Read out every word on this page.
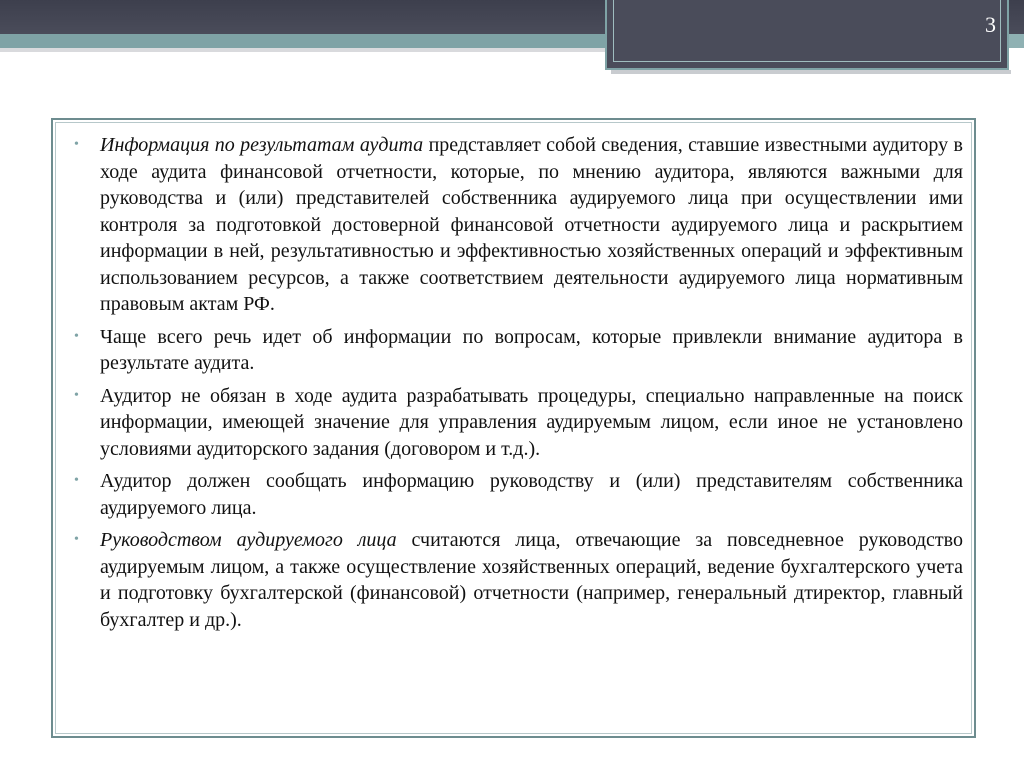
3
• Информация по результатам аудита представляет собой сведения, ставшие известными аудитору в ходе аудита финансовой отчетности, которые, по мнению аудитора, являются важными для руководства и (или) представителей собственника аудируемого лица при осуществлении ими контроля за подготовкой достоверной финансовой отчетности аудируемого лица и раскрытием информации в ней, результативностью и эффективностью хозяйственных операций и эффективным использованием ресурсов, а также соответствием деятельности аудируемого лица нормативным правовым актам РФ.
• Чаще всего речь идет об информации по вопросам, которые привлекли внимание аудитора в результате аудита.
• Аудитор не обязан в ходе аудита разрабатывать процедуры, специально направленные на поиск информации, имеющей значение для управления аудируемым лицом, если иное не установлено условиями аудиторского задания (договором и т.д.).
• Аудитор должен сообщать информацию руководству и (или) представителям собственника аудируемого лица.
• Руководством аудируемого лица считаются лица, отвечающие за повседневное руководство аудируемым лицом, а также осуществление хозяйственных операций, ведение бухгалтерского учета и подготовку бухгалтерской (финансовой) отчетности (например, генеральный дтиректор, главный бухгалтер и др.).
